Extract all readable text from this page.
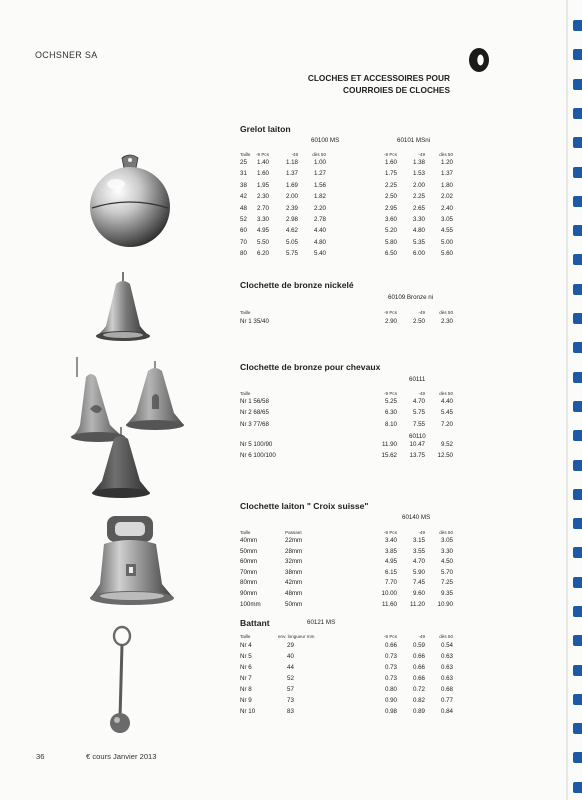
OCHSNER SA
CLOCHES ET ACCESSOIRES POUR
COURROIES DE CLOCHES
Grelot laiton
60100 MS	60101 MSni
Taille	-9 Pcs	-49	dès 50	-9 Pcs	-49	dès 50
25	1.40	1.18	1.00	1.60	1.38	1.20
31	1.60	1.37	1.27	1.75	1.53	1.37
38	1.95	1.69	1.56	2.25	2.00	1.80
42	2.30	2.00	1.82	2.50	2.25	2.02
48	2.70	2.39	2.20	2.95	2.65	2.40
52	3.30	2.98	2.78	3.60	3.30	3.05
60	4.95	4.62	4.40	5.20	4.80	4.55
70	5.50	5.05	4.80	5.80	5.35	5.00
80	6.20	5.75	5.40	6.50	6.00	5.60
Clochette de bronze nickelé
60109 Bronze ni
Taille	-9 Pcs	-49	dès 50
Nr 1 35/40	2.90	2.50	2.30
Clochette de bronze pour chevaux
60111
Taille	-9 Pcs	-49	dès 50
Nr 1 56/58	5.25	4.70	4.40
Nr 2 68/65	6.30	5.75	5.45
Nr 3 77/68	8.10	7.55	7.20
60110
Nr 5 100/90	11.90	10.47	9.52
Nr 6 100/100	15.62	13.75	12.50
Clochette laiton " Croix suisse"
60140 MS
Taille	Passant	-9 Pcs	-49	dès 50
40mm	22mm	3.40	3.15	3.05
50mm	28mm	3.85	3.55	3.30
60mm	32mm	4.95	4.70	4.50
70mm	38mm	6.15	5.90	5.70
80mm	42mm	7.70	7.45	7.25
90mm	48mm	10.00	9.60	9.35
100mm	50mm	11.60	11.20	10.90
Battant	60121 MS
Taille	env. longueur mm	-9 Pcs	-49	dès 50
Nr 4	29	0.66	0.59	0.54
Nr 5	40	0.73	0.66	0.63
Nr 6	44	0.73	0.66	0.63
Nr 7	52	0.73	0.66	0.63
Nr 8	57	0.80	0.72	0.68
Nr 9	73	0.90	0.82	0.77
Nr 10	83	0.98	0.89	0.84
36	€ cours Janvier 2013
